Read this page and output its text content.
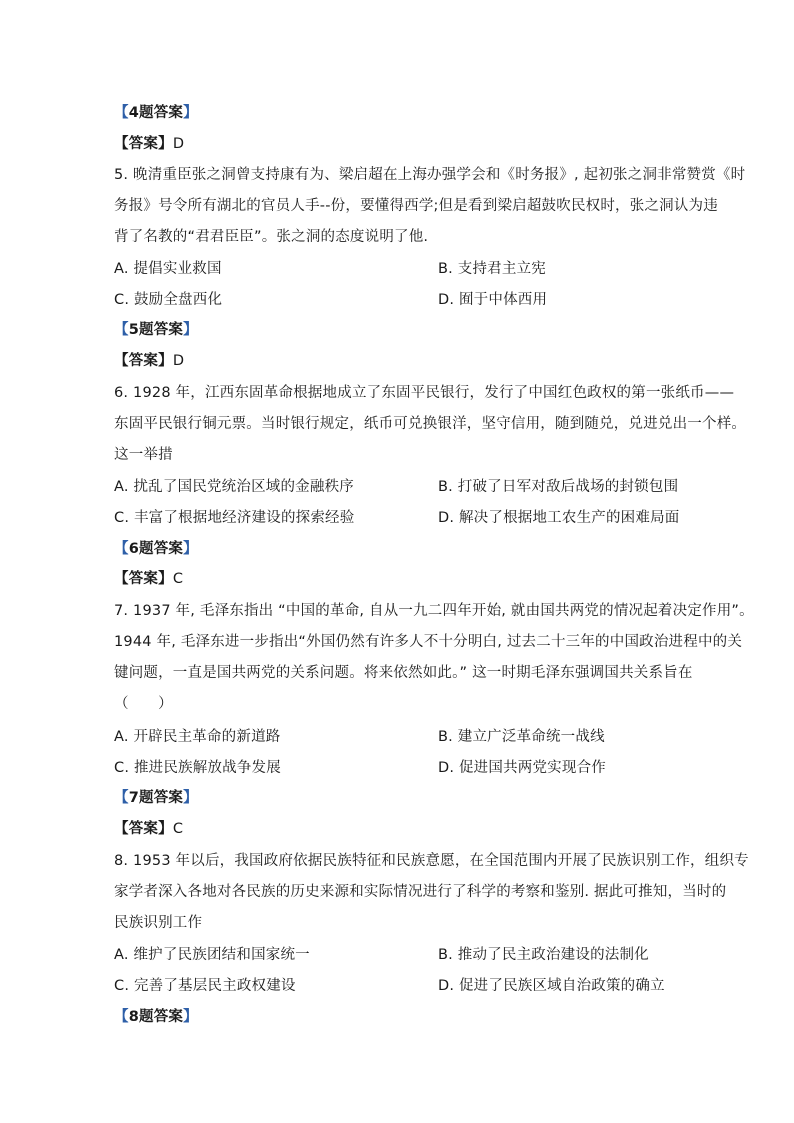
【4题答案】
【答案】D
5. 晚清重臣张之洞曾支持康有为、梁启超在上海办强学会和《时务报》, 起初张之洞非常赞赏《时
务报》号令所有湖北的官员人手--份，要懂得西学;但是看到梁启超鼓吹民权时，张之洞认为违
背了名教的“君君臣臣”。张之洞的态度说明了他.
A. 提倡实业救国	B. 支持君主立宪
C. 鼓励全盘西化	D. 囿于中体西用
【5题答案】
【答案】D
6. 1928 年，江西东固革命根据地成立了东固平民银行，发行了中国红色政权的第一张纸币——
东固平民银行铜元票。当时银行规定，纸币可兑换银洋，坚守信用，随到随兑，兑进兑出一个样。
这一举措
A. 扰乱了国民党统治区域的金融秩序	B. 打破了日军对敌后战场的封锁包围
C. 丰富了根据地经济建设的探索经验	D. 解决了根据地工农生产的困难局面
【6题答案】
【答案】C
7. 1937 年, 毛泽东指出 “中国的革命, 自从一九二四年开始, 就由国共两党的情况起着决定作用”。
1944 年, 毛泽东进一步指出“外国仍然有许多人不十分明白, 过去二十三年的中国政治进程中的关
键问题，一直是国共两党的关系问题。将来依然如此。” 这一时期毛泽东强调国共关系旨在
（　　）
A. 开辟民主革命的新道路	B. 建立广泛革命统一战线
C. 推进民族解放战争发展	D. 促进国共两党实现合作
【7题答案】
【答案】C
8. 1953 年以后，我国政府依据民族特征和民族意愿，在全国范围内开展了民族识别工作，组织专
家学者深入各地对各民族的历史来源和实际情况进行了科学的考察和鉴别. 据此可推知，当时的
民族识别工作
A. 维护了民族团结和国家统一	B. 推动了民主政治建设的法制化
C. 完善了基层民主政权建设	D. 促进了民族区域自治政策的确立
【8题答案】
